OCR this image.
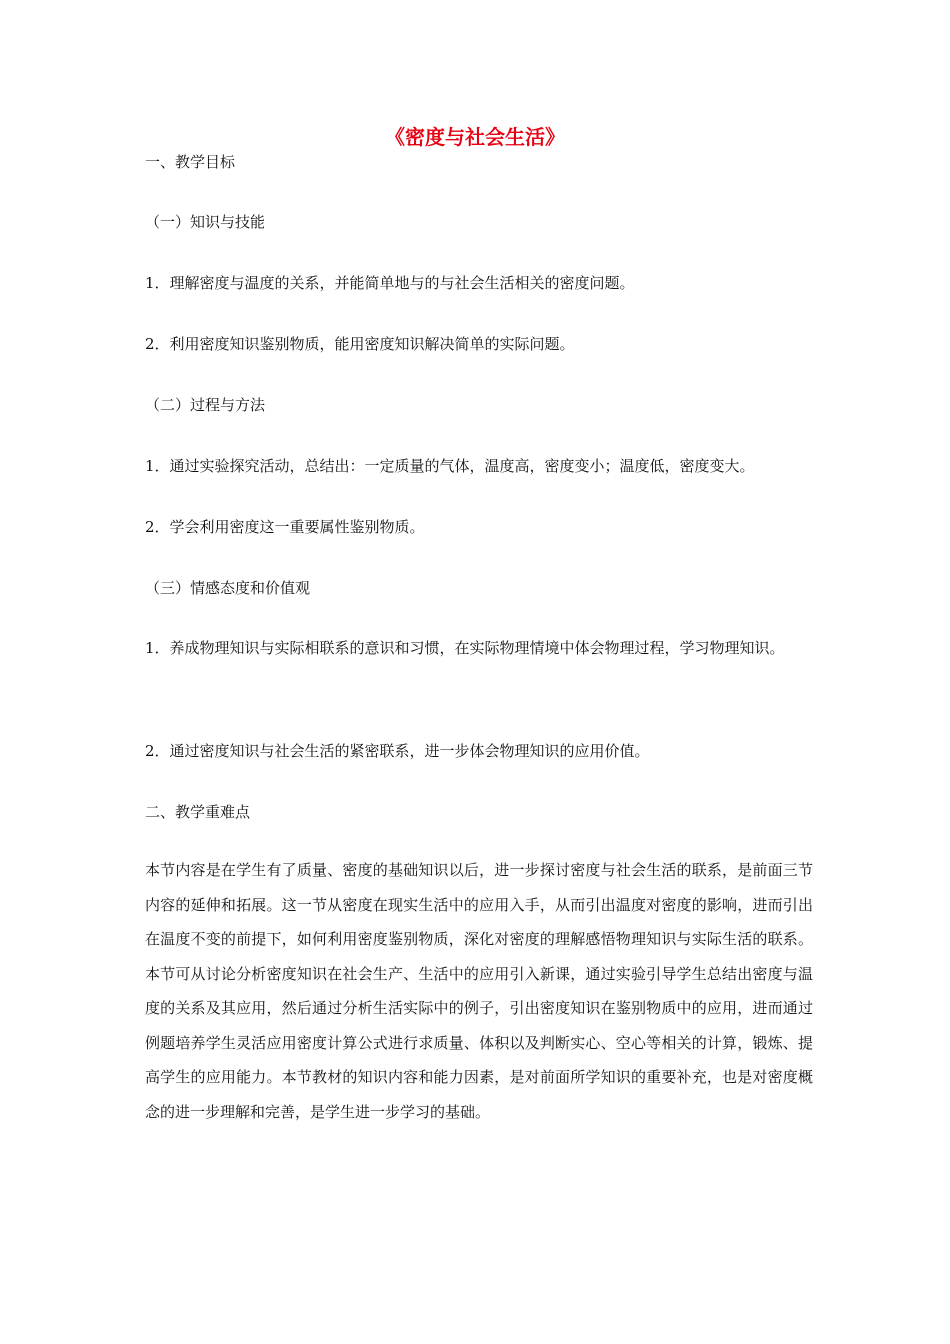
《密度与社会生活》
一、教学目标
（一）知识与技能
1．理解密度与温度的关系，并能简单地与的与社会生活相关的密度问题。
2．利用密度知识鉴别物质，能用密度知识解决简单的实际问题。
（二）过程与方法
1．通过实验探究活动，总结出：一定质量的气体，温度高，密度变小；温度低，密度变大。
2．学会利用密度这一重要属性鉴别物质。
（三）情感态度和价值观
1．养成物理知识与实际相联系的意识和习惯，在实际物理情境中体会物理过程，学习物理知识。
2．通过密度知识与社会生活的紧密联系，进一步体会物理知识的应用价值。
二、教学重难点
本节内容是在学生有了质量、密度的基础知识以后，进一步探讨密度与社会生活的联系，是前面三节内容的延伸和拓展。这一节从密度在现实生活中的应用入手，从而引出温度对密度的影响，进而引出在温度不变的前提下，如何利用密度鉴别物质，深化对密度的理解感悟物理知识与实际生活的联系。本节可从讨论分析密度知识在社会生产、生活中的应用引入新课，通过实验引导学生总结出密度与温度的关系及其应用，然后通过分析生活实际中的例子，引出密度知识在鉴别物质中的应用，进而通过例题培养学生灵活应用密度计算公式进行求质量、体积以及判断实心、空心等相关的计算，锻炼、提高学生的应用能力。本节教材的知识内容和能力因素，是对前面所学知识的重要补充，也是对密度概念的进一步理解和完善，是学生进一步学习的基础。
